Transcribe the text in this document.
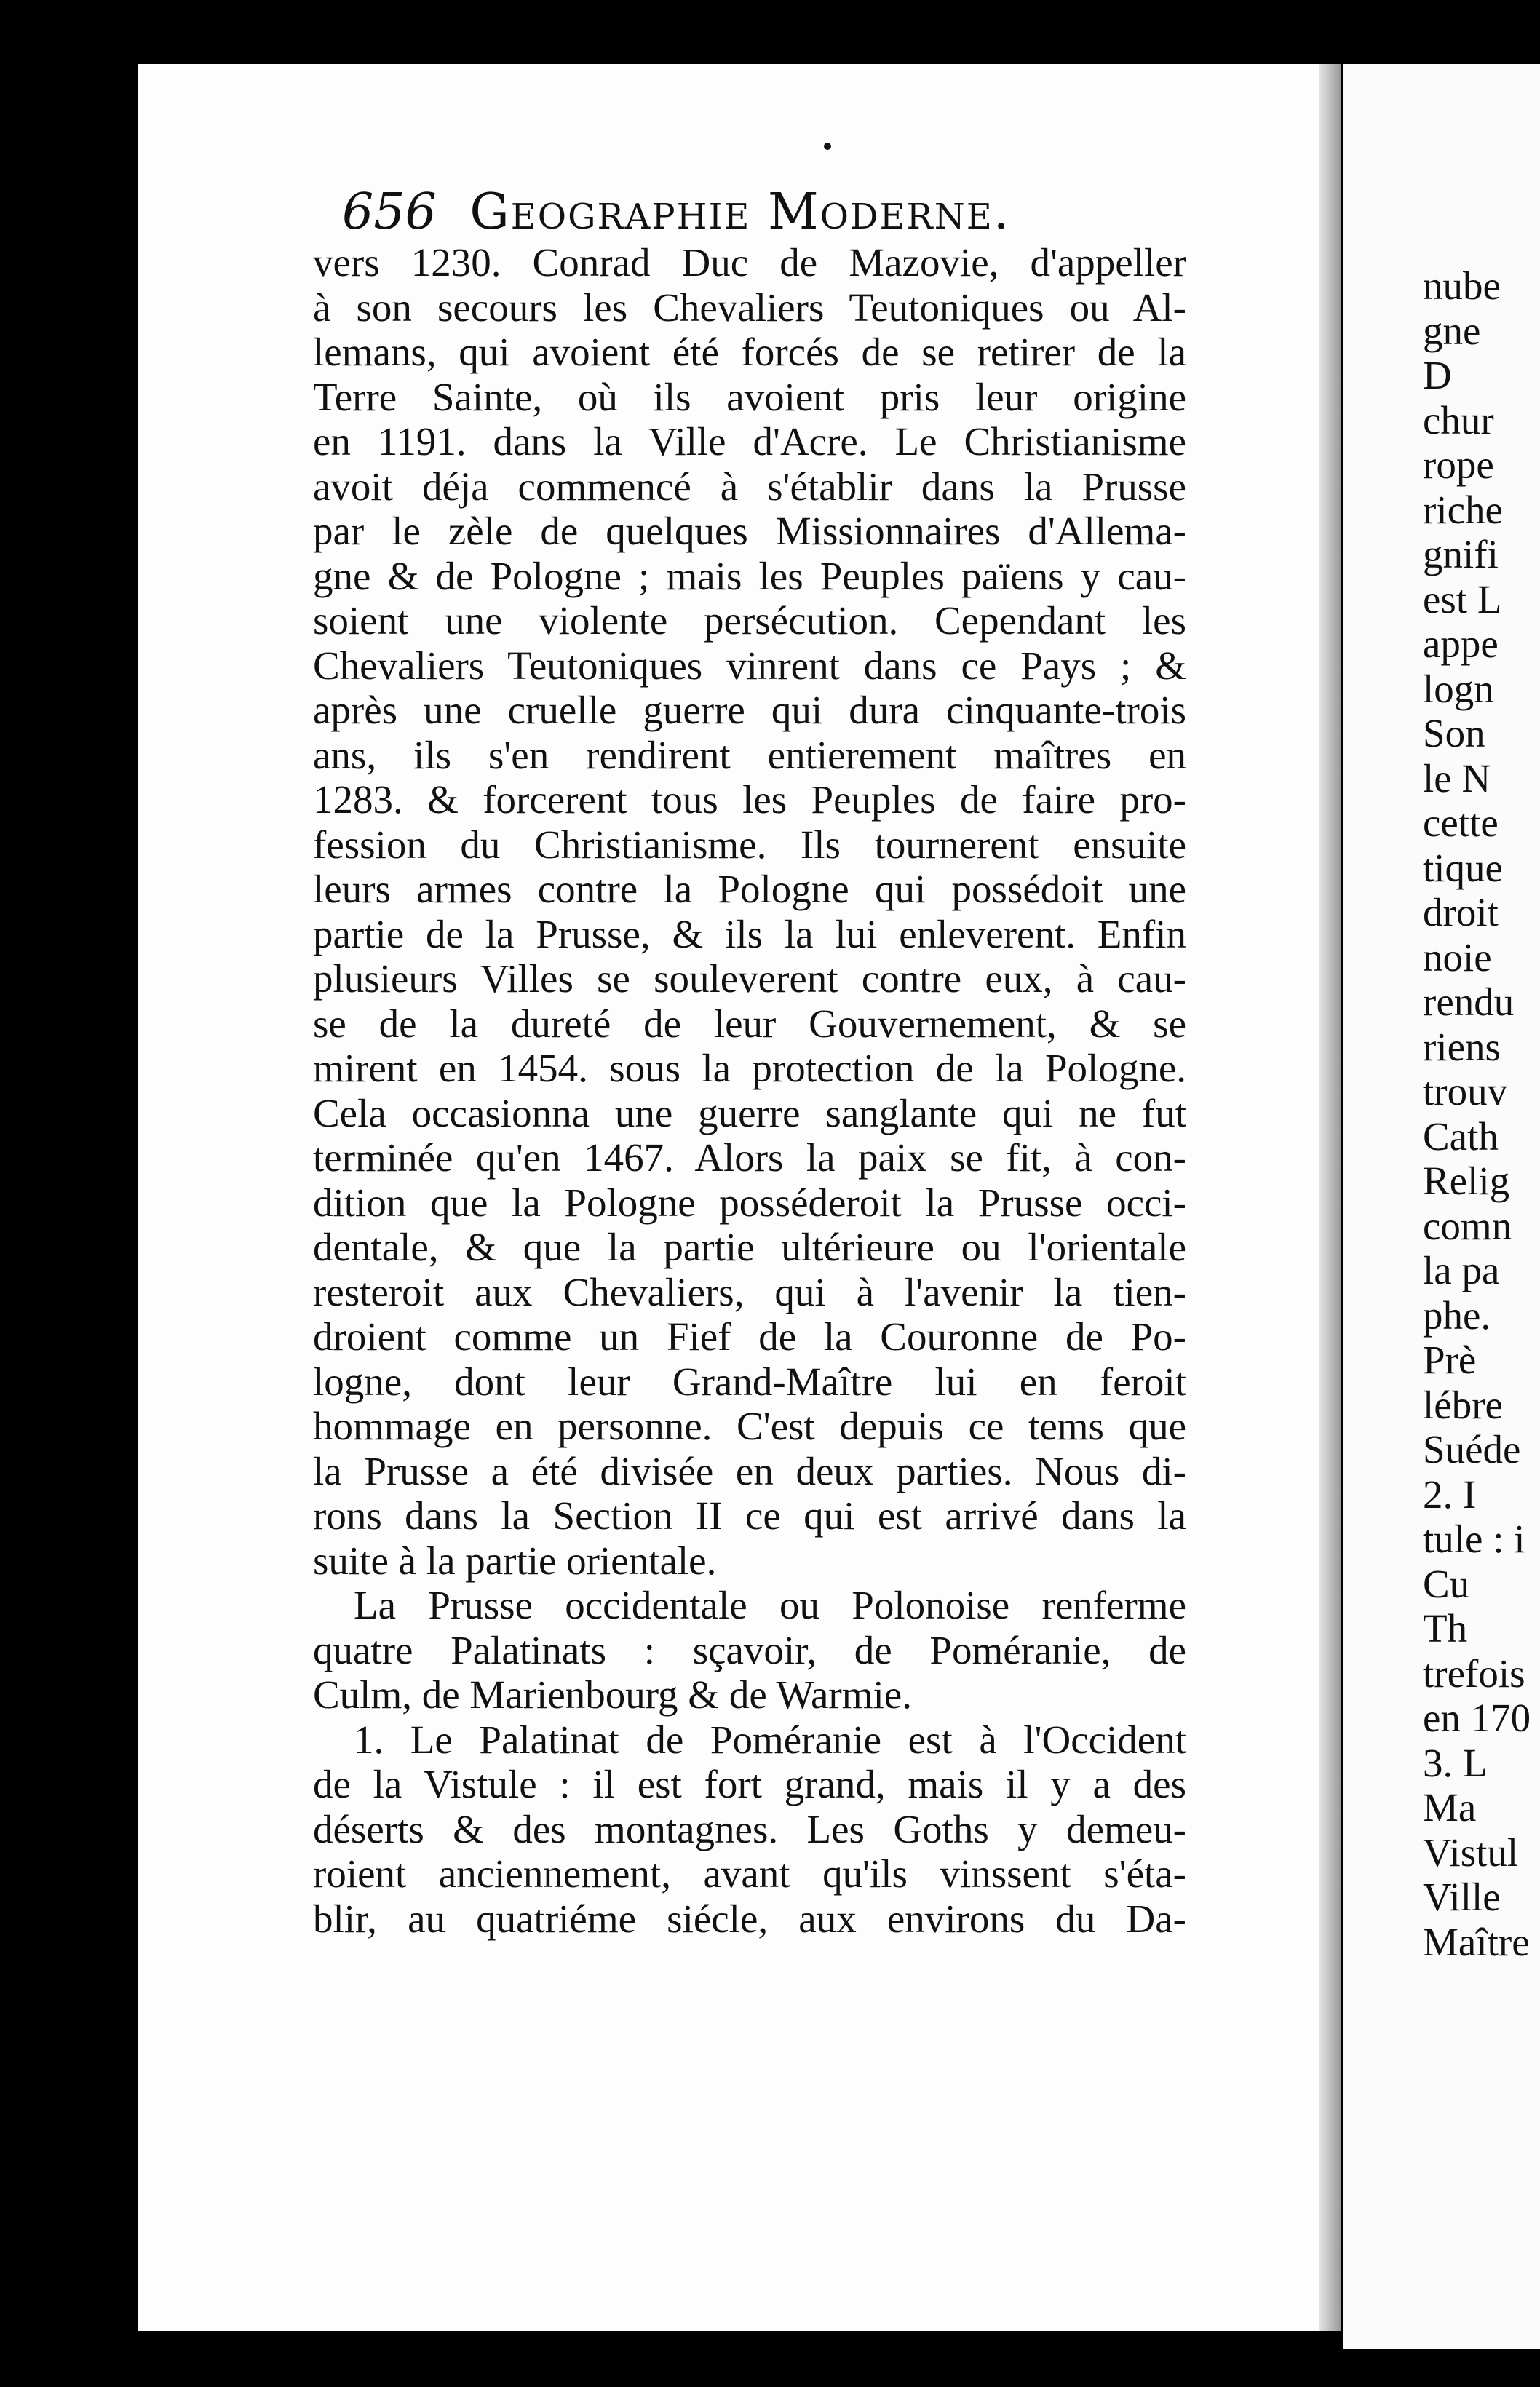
656 Geographie Moderne.
vers 1230. Conrad Duc de Mazovie, d'appeller
à son secours les Chevaliers Teutoniques ou Al-
lemans, qui avoient été forcés de se retirer de la
Terre Sainte, où ils avoient pris leur origine
en 1191. dans la Ville d'Acre. Le Christianisme
avoit déja commencé à s'établir dans la Prusse
par le zèle de quelques Missionnaires d'Allema-
gne & de Pologne ; mais les Peuples païens y cau-
soient une violente persécution. Cependant les
Chevaliers Teutoniques vinrent dans ce Pays ; &
après une cruelle guerre qui dura cinquante-trois
ans, ils s'en rendirent entierement maîtres en
1283. & forcerent tous les Peuples de faire pro-
fession du Christianisme. Ils tournerent ensuite
leurs armes contre la Pologne qui possédoit une
partie de la Prusse, & ils la lui enleverent. Enfin
plusieurs Villes se souleverent contre eux, à cau-
se de la dureté de leur Gouvernement, & se
mirent en 1454. sous la protection de la Pologne.
Cela occasionna une guerre sanglante qui ne fut
terminée qu'en 1467. Alors la paix se fit, à con-
dition que la Pologne posséderoit la Prusse occi-
dentale, & que la partie ultérieure ou l'orientale
resteroit aux Chevaliers, qui à l'avenir la tien-
droient comme un Fief de la Couronne de Po-
logne, dont leur Grand-Maître lui en feroit
hommage en personne. C'est depuis ce tems que
la Prusse a été divisée en deux parties. Nous di-
rons dans la Section II ce qui est arrivé dans la
suite à la partie orientale.
La Prusse occidentale ou Polonoise renferme
quatre Palatinats : sçavoir, de Poméranie, de
Culm, de Marienbourg & de Warmie.
1. Le Palatinat de Poméranie est à l'Occident
de la Vistule : il est fort grand, mais il y a des
déserts & des montagnes. Les Goths y demeu-
roient anciennement, avant qu'ils vinssent s'éta-
blir, au quatriéme siécle, aux environs du Da-
nube
gne
D
chur
rope
riche
gnifi
est L
appe
logn
Son
le N
cette
tique
droit
noie
rendu
riens
trouv
Cath
Relig
comn
la pa
phe.
Prè
lébre
Suéde
2. I
tule : i
Cu
Th
trefois
en 170
3. L
Ma
Vistul
Ville
Maître
